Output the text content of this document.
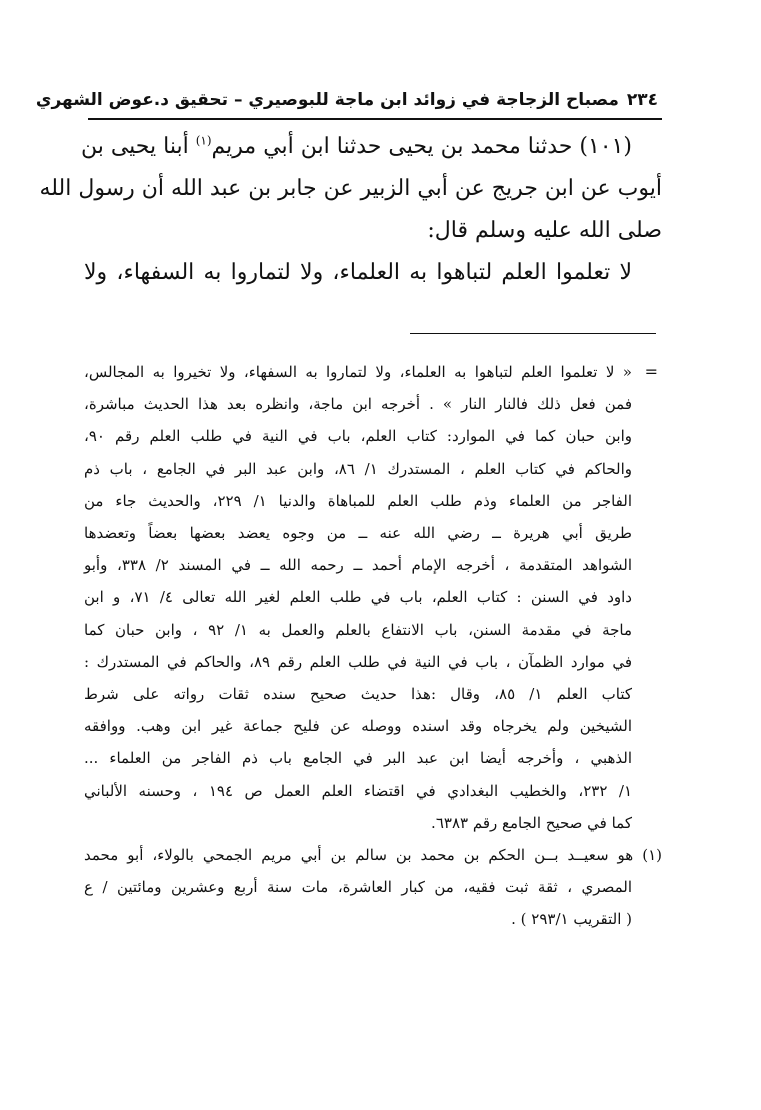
٢٣٤مصباح الزجاجة في زوائد ابن ماجة للبوصيري – تحقيق د.عوض الشهري
(١٠١) حدثنا محمد بن يحيى حدثنا ابن أبي مريم$^{(١)}$ أبنا يحيى بن
أيوب عن ابن جريج عن أبي الزبير عن جابر بن عبد الله أن رسول الله
صلى الله عليه وسلم قال:
لا تعلموا العلم لتباهوا به العلماء، ولا لتماروا به السفهاء، ولا
=
« لا تعلموا العلم لتباهوا به العلماء، ولا لتماروا به السفهاء، ولا تخيروا به المجالس،
فمن فعل ذلك فالنار النار » . أخرجه ابن ماجة، وانظره بعد هذا الحديث مباشرة،
وابن حبان كما في الموارد: كتاب العلم، باب في النية في طلب العلم رقم ٩٠،
والحاكم في كتاب العلم ، المستدرك ١/ ٨٦، وابن عبد البر في الجامع ، باب ذم
الفاجر من العلماء وذم طلب العلم للمباهاة والدنيا ١/ ٢٢٩، والحديث جاء من
طريق أبي هريرة ــ رضي الله عنه ــ من وجوه يعضد بعضها بعضاً وتعضدها
الشواهد المتقدمة ، أخرجه الإمام أحمد ــ رحمه الله ــ في المسند ٢/ ٣٣٨، وأبو
داود في السنن : كتاب العلم، باب في طلب العلم لغير الله تعالى ٤/ ٧١، و ابن
ماجة في مقدمة السنن، باب الانتفاع بالعلم والعمل به ١/ ٩٢ ، وابن حبان كما
في موارد الظمآن ، باب في النية في طلب العلم رقم ٨٩، والحاكم في المستدرك :
كتاب العلم ١/ ٨٥، وقال :هذا حديث صحيح سنده ثقات رواته على شرط
الشيخين ولم يخرجاه وقد اسنده ووصله عن فليح جماعة غير ابن وهب. ووافقه
الذهبي ، وأخرجه أيضا ابن عبد البر في الجامع باب ذم الفاجر من العلماء ...
١/ ٢٣٢، والخطيب البغدادي في اقتضاء العلم العمل ص ١٩٤ ، وحسنه الألباني
كما في صحيح الجامع رقم ٦٣٨٣.
(١) هو سعيــد بــن الحكم بن محمد بن سالم بن أبي مريم الجمحي بالولاء، أبو محمد
المصري ، ثقة ثبت فقيه، من كبار العاشرة، مات سنة أربع وعشرين ومائتين / ع
( التقريب ٢٩٣/١ ) .
